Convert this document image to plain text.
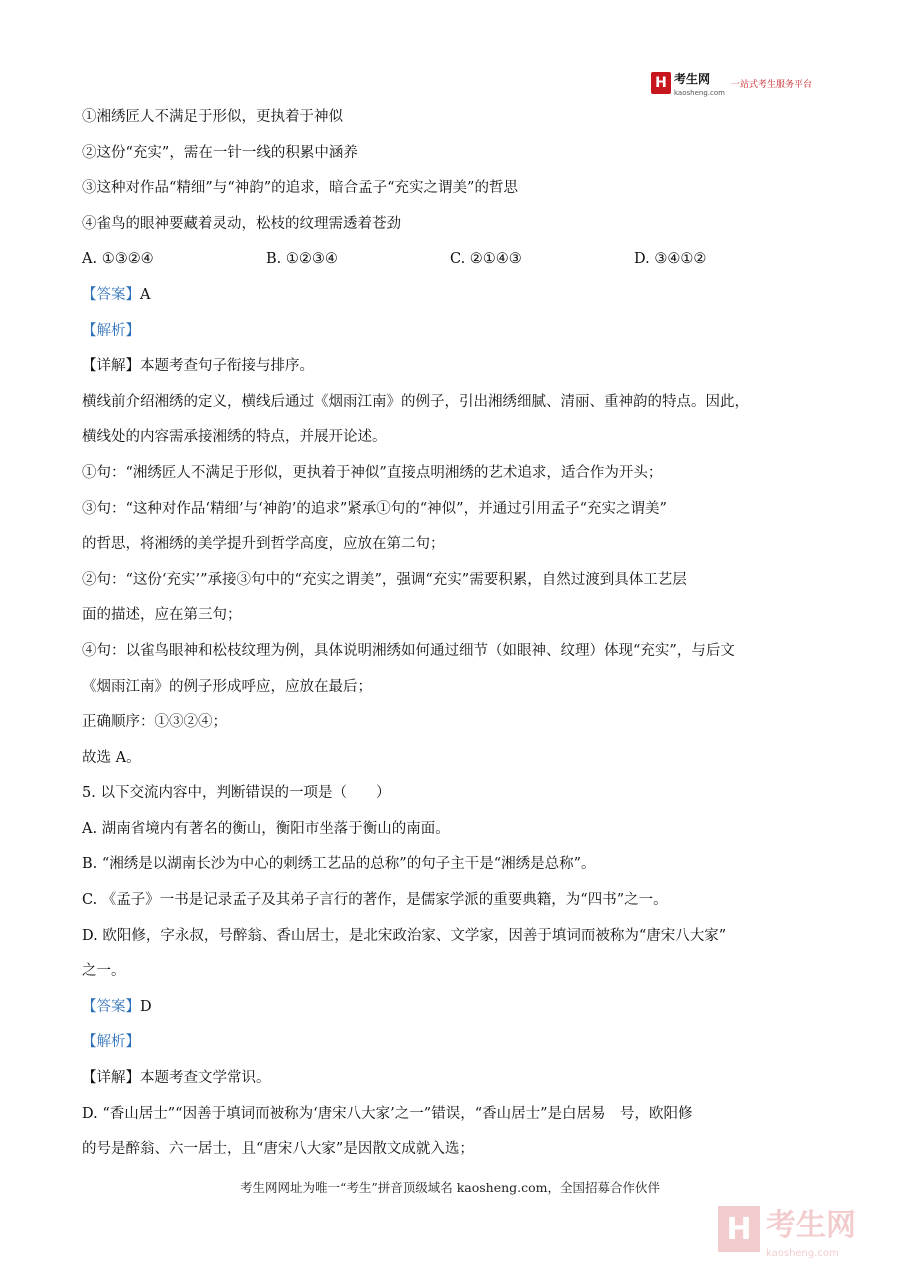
H 考生网
kaosheng.com
一站式考生服务平台
①湘绣匠人不满足于形似，更执着于神似
②这份“充实”，需在一针一线的积累中涵养
③这种对作品“精细”与“神韵”的追求，暗合孟子“充实之谓美”的哲思
④雀鸟的眼神要藏着灵动，松枝的纹理需透着苍劲
A. ①③②④	B. ①②③④	C. ②①④③	D. ③④①②
【答案】A
【解析】
【详解】本题考查句子衔接与排序。
横线前介绍湘绣的定义，横线后通过《烟雨江南》的例子，引出湘绣细腻、清丽、重神韵的特点。因此，
横线处的内容需承接湘绣的特点，并展开论述。
①句：“湘绣匠人不满足于形似，更执着于神似”直接点明湘绣的艺术追求，适合作为开头；
③句：“这种对作品‘精细’与‘神韵’的追求”紧承①句的“神似”，并通过引用孟子“充实之谓美”
的哲思，将湘绣的美学提升到哲学高度，应放在第二句；
②句：“这份‘充实’”承接③句中的“充实之谓美”，强调“充实”需要积累，自然过渡到具体工艺层
面的描述，应在第三句；
④句：以雀鸟眼神和松枝纹理为例，具体说明湘绣如何通过细节（如眼神、纹理）体现“充实”，与后文
《烟雨江南》的例子形成呼应，应放在最后；
正确顺序：①③②④；
故选 A。
5. 以下交流内容中，判断错误的一项是（　　）
A. 湖南省境内有著名的衡山，衡阳市坐落于衡山的南面。
B. “湘绣是以湖南长沙为中心的刺绣工艺品的总称”的句子主干是“湘绣是总称”。
C. 《孟子》一书是记录孟子及其弟子言行的著作，是儒家学派的重要典籍，为“四书”之一。
D. 欧阳修，字永叔，号醉翁、香山居士，是北宋政治家、文学家，因善于填词而被称为“唐宋八大家”
之一。
【答案】D
【解析】
【详解】本题考查文学常识。
D. “香山居士”“因善于填词而被称为‘唐宋八大家’之一”错误，“香山居士”是白居易　号，欧阳修
的号是醉翁、六一居士，且“唐宋八大家”是因散文成就入选；
考生网网址为唯一“考生”拼音顶级域名 kaosheng.com，全国招募合作伙伴
H 考生网
kaosheng.com
